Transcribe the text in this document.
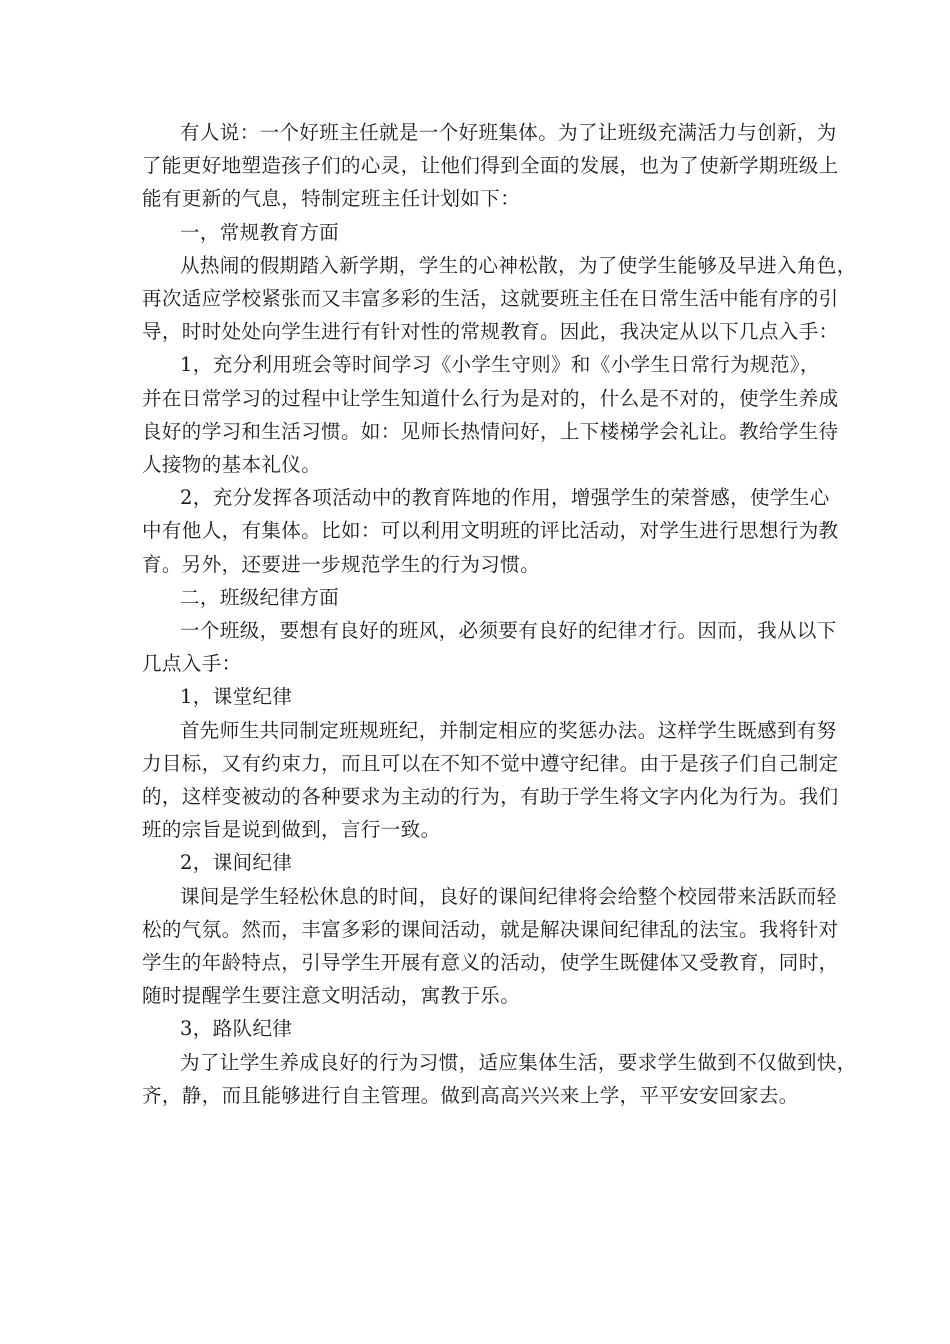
有人说：一个好班主任就是一个好班集体。为了让班级充满活力与创新，为
了能更好地塑造孩子们的心灵，让他们得到全面的发展，也为了使新学期班级上
能有更新的气息，特制定班主任计划如下：
一，常规教育方面
从热闹的假期踏入新学期，学生的心神松散，为了使学生能够及早进入角色，
再次适应学校紧张而又丰富多彩的生活，这就要班主任在日常生活中能有序的引
导，时时处处向学生进行有针对性的常规教育。因此，我决定从以下几点入手：
1，充分利用班会等时间学习《小学生守则》和《小学生日常行为规范》，
并在日常学习的过程中让学生知道什么行为是对的，什么是不对的，使学生养成
良好的学习和生活习惯。如：见师长热情问好，上下楼梯学会礼让。教给学生待
人接物的基本礼仪。
2，充分发挥各项活动中的教育阵地的作用，增强学生的荣誉感，使学生心
中有他人，有集体。比如：可以利用文明班的评比活动，对学生进行思想行为教
育。另外，还要进一步规范学生的行为习惯。
二，班级纪律方面
一个班级，要想有良好的班风，必须要有良好的纪律才行。因而，我从以下
几点入手：
1，课堂纪律
首先师生共同制定班规班纪，并制定相应的奖惩办法。这样学生既感到有努
力目标，又有约束力，而且可以在不知不觉中遵守纪律。由于是孩子们自己制定
的，这样变被动的各种要求为主动的行为，有助于学生将文字内化为行为。我们
班的宗旨是说到做到，言行一致。
2，课间纪律
课间是学生轻松休息的时间，良好的课间纪律将会给整个校园带来活跃而轻
松的气氛。然而，丰富多彩的课间活动，就是解决课间纪律乱的法宝。我将针对
学生的年龄特点，引导学生开展有意义的活动，使学生既健体又受教育，同时，
随时提醒学生要注意文明活动，寓教于乐。
3，路队纪律
为了让学生养成良好的行为习惯，适应集体生活，要求学生做到不仅做到快，
齐，静，而且能够进行自主管理。做到高高兴兴来上学，平平安安回家去。
